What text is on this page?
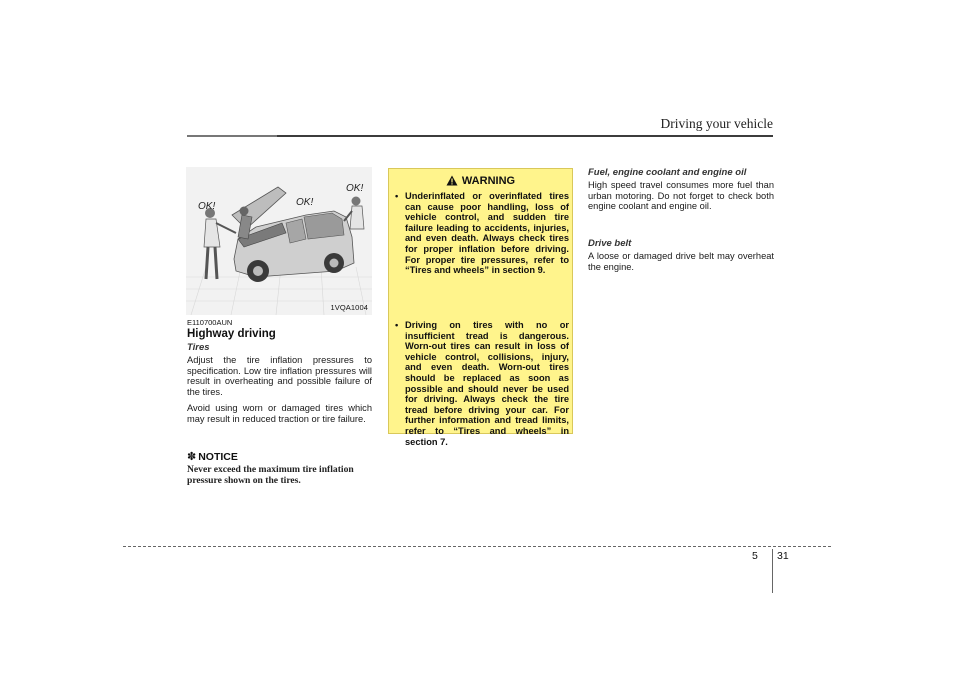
Driving your vehicle
OK!	OK!
OK!
1VQA1004
E110700AUN
Highway driving
Tires
Adjust the tire inflation pressures to specification. Low tire inflation pressures will result in overheating and possible failure of the tires.
Avoid using worn or damaged tires which may result in reduced traction or tire failure.
✽ NOTICE
Never exceed the maximum tire inflation pressure shown on the tires.
WARNING
• Underinflated or overinflated tires can cause poor handling, loss of vehicle control, and sudden tire failure leading to accidents, injuries, and even death. Always check tires for proper inflation before driving. For proper tire pressures, refer to “Tires and wheels” in section 9.
• Driving on tires with no or insufficient tread is dangerous. Worn-out tires can result in loss of vehicle control, collisions, injury, and even death. Worn-out tires should be replaced as soon as possible and should never be used for driving. Always check the tire tread before driving your car. For further information and tread limits, refer to “Tires and wheels” in section 7.
Fuel, engine coolant and engine oil
High speed travel consumes more fuel than urban motoring. Do not forget to check both engine coolant and engine oil.
Drive belt
A loose or damaged drive belt may overheat the engine.
5 31
